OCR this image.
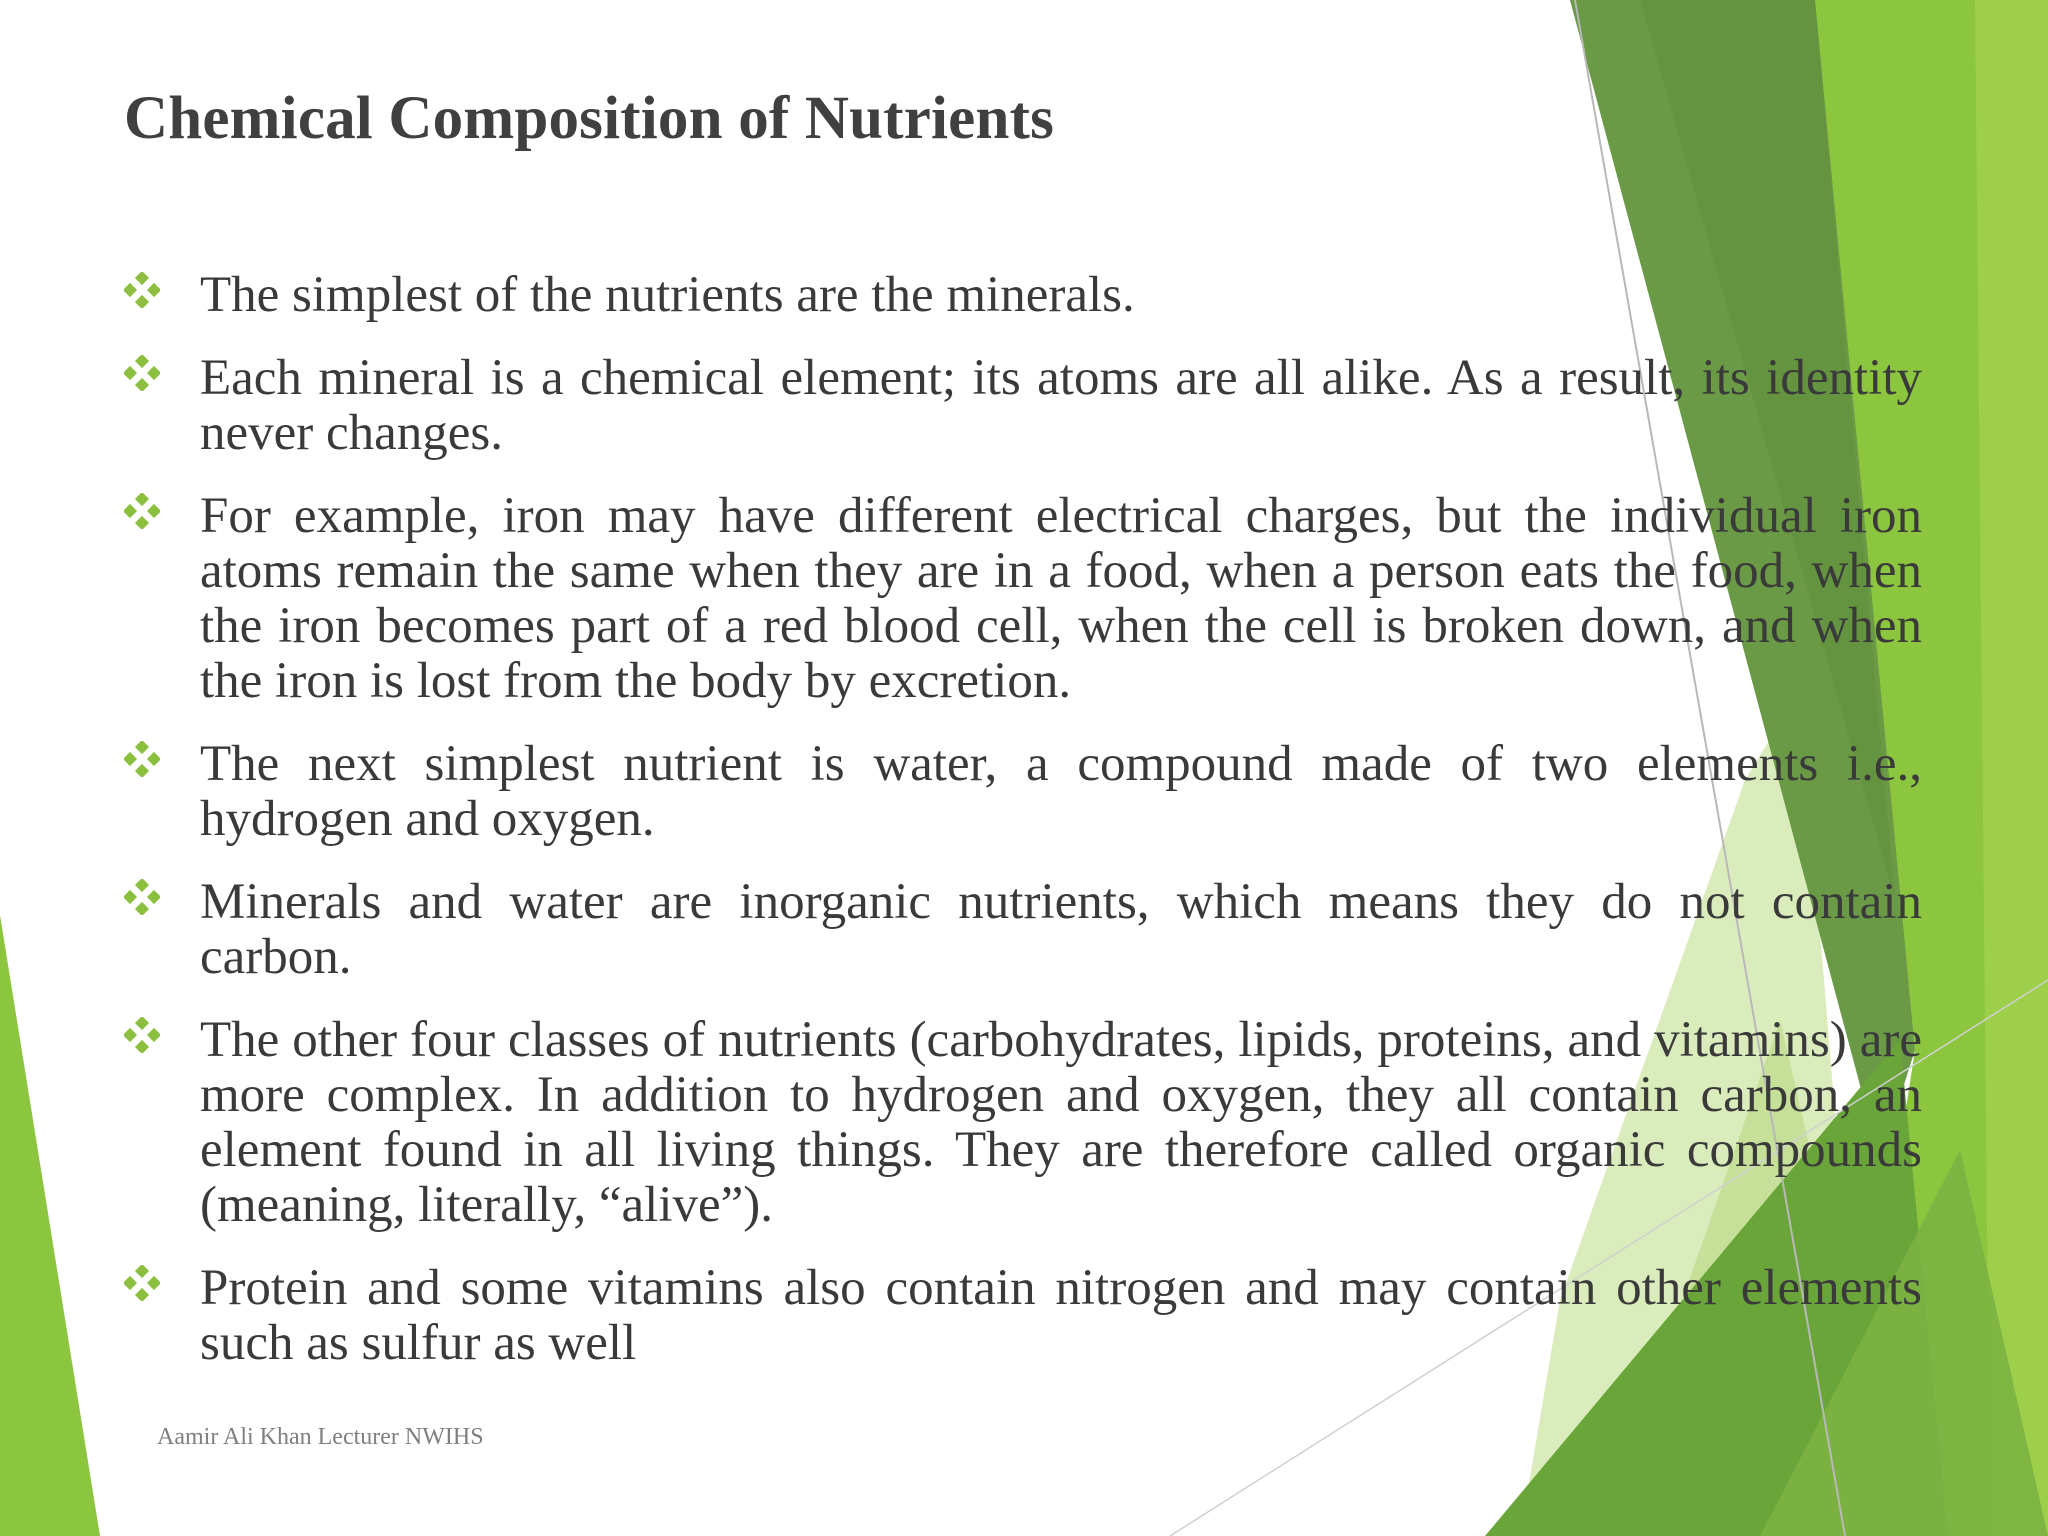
Chemical Composition of Nutrients
The simplest of the nutrients are the minerals.
Each mineral is a chemical element; its atoms are all alike. As a result, its identity never changes.
For example, iron may have different electrical charges, but the individual iron atoms remain the same when they are in a food, when a person eats the food, when the iron becomes part of a red blood cell, when the cell is broken down, and when the iron is lost from the body by excretion.
The next simplest nutrient is water, a compound made of two elements i.e., hydrogen and oxygen.
Minerals and water are inorganic nutrients, which means they do not contain carbon.
The other four classes of nutrients (carbohydrates, lipids, proteins, and vitamins) are more complex. In addition to hydrogen and oxygen, they all contain carbon, an element found in all living things. They are therefore called organic compounds (meaning, literally, “alive”).
Protein and some vitamins also contain nitrogen and may contain other elements such as sulfur as well
Aamir Ali Khan Lecturer NWIHS
